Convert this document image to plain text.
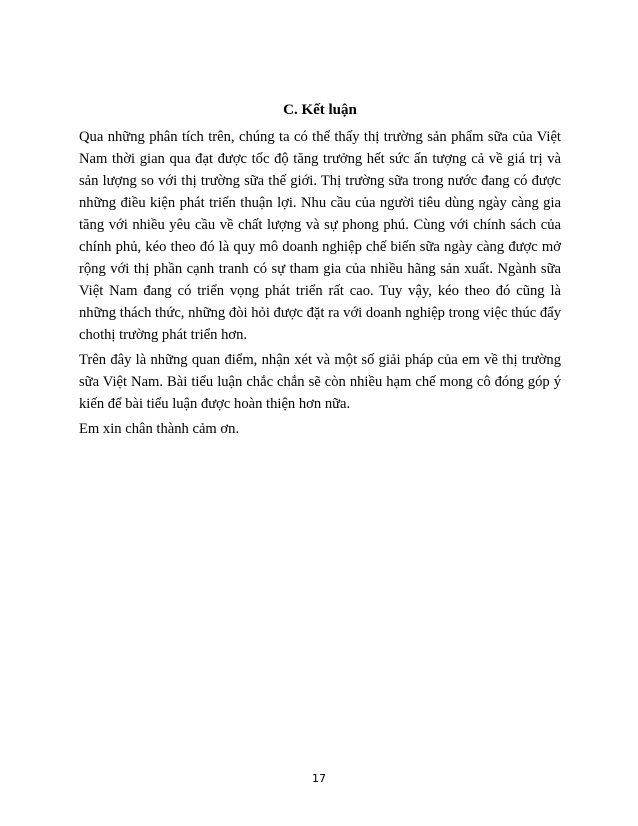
C. Kết luận

Qua những phân tích trên, chúng ta có thể thấy thị trường sản phẩm sữa của Việt Nam thời gian qua đạt được tốc độ tăng trưởng hết sức ấn tượng cả về giá trị và sản lượng so với thị trường sữa thế giới. Thị trường sữa trong nước đang có được những điều kiện phát triển thuận lợi. Nhu cầu của người tiêu dùng ngày càng gia tăng với nhiều yêu cầu về chất lượng và sự phong phú. Cùng với chính sách của chính phủ, kéo theo đó là quy mô doanh nghiệp chế biến sữa ngày càng được mở rộng với thị phần cạnh tranh có sự tham gia của nhiều hãng sản xuất. Ngành sữa Việt Nam đang có triển vọng phát triển rất cao. Tuy vậy, kéo theo đó cũng là những thách thức, những đòi hỏi được đặt ra với doanh nghiệp trong việc thúc đẩy chothị trường phát triển hơn.

Trên đây là những quan điểm, nhận xét và một số giải pháp của em về thị trường sữa Việt Nam. Bài tiểu luận chắc chắn sẽ còn nhiều hạm chế mong cô đóng góp ý kiến để bài tiểu luận được hoàn thiện hơn nữa.

Em xin chân thành cảm ơn.

17
